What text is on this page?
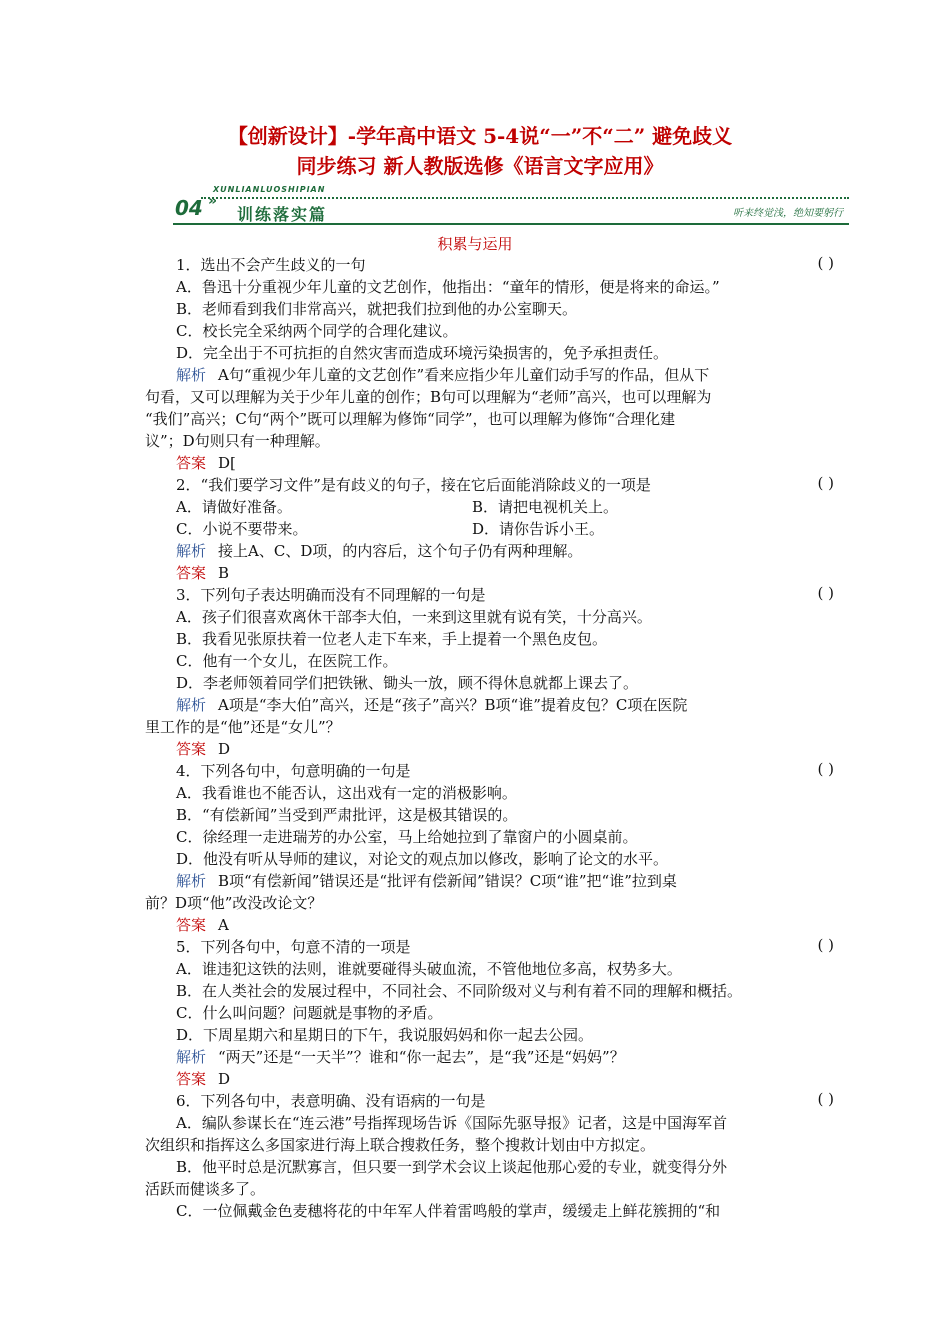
【创新设计】-学年高中语文 5-4说“一”不“二” 避免歧义
同步练习 新人教版选修《语言文字应用》
04
XUNLIANLUOSHIPIAN
»
训练落实篇	听来终觉浅，绝知要躬行
积累与运用
1．选出不会产生歧义的一句	( )
A．鲁迅十分重视少年儿童的文艺创作，他指出：“童年的情形，便是将来的命运。”
B．老师看到我们非常高兴，就把我们拉到他的办公室聊天。
C．校长完全采纳两个同学的合理化建议。
D．完全出于不可抗拒的自然灾害而造成环境污染损害的，免予承担责任。
解析 A句“重视少年儿童的文艺创作”看来应指少年儿童们动手写的作品，但从下
句看，又可以理解为关于少年儿童的创作；B句可以理解为“老师”高兴，也可以理解为
“我们”高兴；C句“两个”既可以理解为修饰“同学”，也可以理解为修饰“合理化建
议”；D句则只有一种理解。
答案 D[
2．“我们要学习文件”是有歧义的句子，接在它后面能消除歧义的一项是	( )
A．请做好准备。	B．请把电视机关上。
C．小说不要带来。	D．请你告诉小王。
解析 接上A、C、D项，的内容后，这个句子仍有两种理解。
答案 B
3．下列句子表达明确而没有不同理解的一句是	( )
A．孩子们很喜欢离休干部李大伯，一来到这里就有说有笑，十分高兴。
B．我看见张原扶着一位老人走下车来，手上提着一个黑色皮包。
C．他有一个女儿，在医院工作。
D．李老师领着同学们把铁锹、锄头一放，顾不得休息就都上课去了。
解析 A项是“李大伯”高兴，还是“孩子”高兴？B项“谁”提着皮包？C项在医院
里工作的是“他”还是“女儿”？
答案 D
4．下列各句中，句意明确的一句是	( )
A．我看谁也不能否认，这出戏有一定的消极影响。
B．“有偿新闻”当受到严肃批评，这是极其错误的。
C．徐经理一走进瑞芳的办公室，马上给她拉到了靠窗户的小圆桌前。
D．他没有听从导师的建议，对论文的观点加以修改，影响了论文的水平。
解析 B项“有偿新闻”错误还是“批评有偿新闻”错误？C项“谁”把“谁”拉到桌
前？D项“他”改没改论文？
答案 A
5．下列各句中，句意不清的一项是	( )
A．谁违犯这铁的法则，谁就要碰得头破血流，不管他地位多高，权势多大。
B．在人类社会的发展过程中，不同社会、不同阶级对义与利有着不同的理解和概括。
C．什么叫问题？问题就是事物的矛盾。
D．下周星期六和星期日的下午，我说服妈妈和你一起去公园。
解析 “两天”还是“一天半”？谁和“你一起去”，是“我”还是“妈妈”？
答案 D
6．下列各句中，表意明确、没有语病的一句是	( )
A．编队参谋长在“连云港”号指挥现场告诉《国际先驱导报》记者，这是中国海军首
次组织和指挥这么多国家进行海上联合搜救任务，整个搜救计划由中方拟定。
B．他平时总是沉默寡言，但只要一到学术会议上谈起他那心爱的专业，就变得分外
活跃而健谈多了。
C．一位佩戴金色麦穗将花的中年军人伴着雷鸣般的掌声，缓缓走上鲜花簇拥的“和
